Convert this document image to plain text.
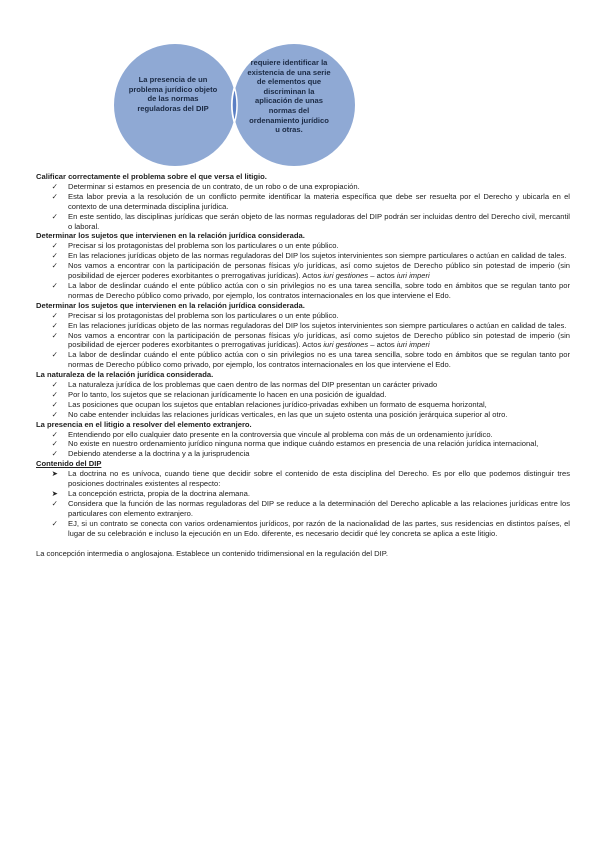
La presencia de un problema jurídico objeto de las normas reguladoras del DIP
requiere identificar la existencia de una serie de elementos que discriminan la aplicación de unas normas del ordenamiento jurídico u otras.

Calificar correctamente el problema sobre el que versa el litigio.

✓	Determinar si estamos en presencia de un contrato, de un robo o de una expropiación.
✓	Esta labor previa a la resolución de un conflicto permite identificar la materia específica que debe ser resuelta por el Derecho y ubicarla en el contexto de una determinada disciplina jurídica.
✓	En este sentido, las disciplinas jurídicas que serán objeto de las normas reguladoras del DIP podrán ser incluidas dentro del Derecho civil, mercantil o laboral.

Determinar los sujetos que intervienen en la relación jurídica considerada.

✓	Precisar si los protagonistas del problema son los particulares o un ente público.
✓	En las relaciones jurídicas objeto de las normas reguladoras del DIP los sujetos intervinientes son siempre particulares o actúan en calidad de tales.
✓	Nos vamos a encontrar con la participación de personas físicas y/o jurídicas, así como sujetos de Derecho público sin potestad de imperio (sin posibilidad de ejercer poderes exorbitantes o prerrogativas jurídicas). Actos iuri gestiones – actos iuri imperi
✓	La labor de deslindar cuándo el ente público actúa con o sin privilegios no es una tarea sencilla, sobre todo en ámbitos que se regulan tanto por normas de Derecho público como privado, por ejemplo, los contratos internacionales en los que interviene el Edo.

Determinar los sujetos que intervienen en la relación jurídica considerada.

✓	Precisar si los protagonistas del problema son los particulares o un ente público.
✓	En las relaciones jurídicas objeto de las normas reguladoras del DIP los sujetos intervinientes son siempre particulares o actúan en calidad de tales.
✓	Nos vamos a encontrar con la participación de personas físicas y/o jurídicas, así como sujetos de Derecho público sin potestad de imperio (sin posibilidad de ejercer poderes exorbitantes o prerrogativas jurídicas). Actos iuri gestiones – actos iuri imperi
✓	La labor de deslindar cuándo el ente público actúa con o sin privilegios no es una tarea sencilla, sobre todo en ámbitos que se regulan tanto por normas de Derecho público como privado, por ejemplo, los contratos internacionales en los que interviene el Edo.

La naturaleza de la relación jurídica considerada.

✓	La naturaleza jurídica de los problemas que caen dentro de las normas del DIP presentan un carácter privado
✓	Por lo tanto, los sujetos que se relacionan jurídicamente lo hacen en una posición de igualdad.
✓	Las posiciones que ocupan los sujetos que entablan relaciones jurídico-privadas exhiben un formato de esquema horizontal,
✓	No cabe entender incluidas las relaciones jurídicas verticales, en las que un sujeto ostenta una posición jerárquica superior al otro.

La presencia en el litigio a resolver del elemento extranjero.

✓	Entendiendo por ello cualquier dato presente en la controversia que vincule al problema con más de un ordenamiento jurídico.
✓	No existe en nuestro ordenamiento jurídico ninguna norma que indique cuándo estamos en presencia de una relación jurídica internacional,
✓	Debiendo atenderse a la doctrina y a la jurisprudencia

Contenido del DIP

➤	La doctrina no es unívoca, cuando tiene que decidir sobre el contenido de esta disciplina del Derecho. Es por ello que podemos distinguir tres posiciones doctrinales existentes al respecto:
➤	La concepción estricta, propia de la doctrina alemana.
✓	Considera que la función de las normas reguladoras del DIP se reduce a la determinación del Derecho aplicable a las relaciones jurídicas entre los particulares con elemento extranjero.
✓	EJ, si un contrato se conecta con varios ordenamientos jurídicos, por razón de la nacionalidad de las partes, sus residencias en distintos países, el lugar de su celebración e incluso la ejecución en un Edo. diferente, es necesario decidir qué ley concreta se aplica a este litigio.

La concepción intermedia o anglosajona. Establece un contenido tridimensional en la regulación del DIP.
